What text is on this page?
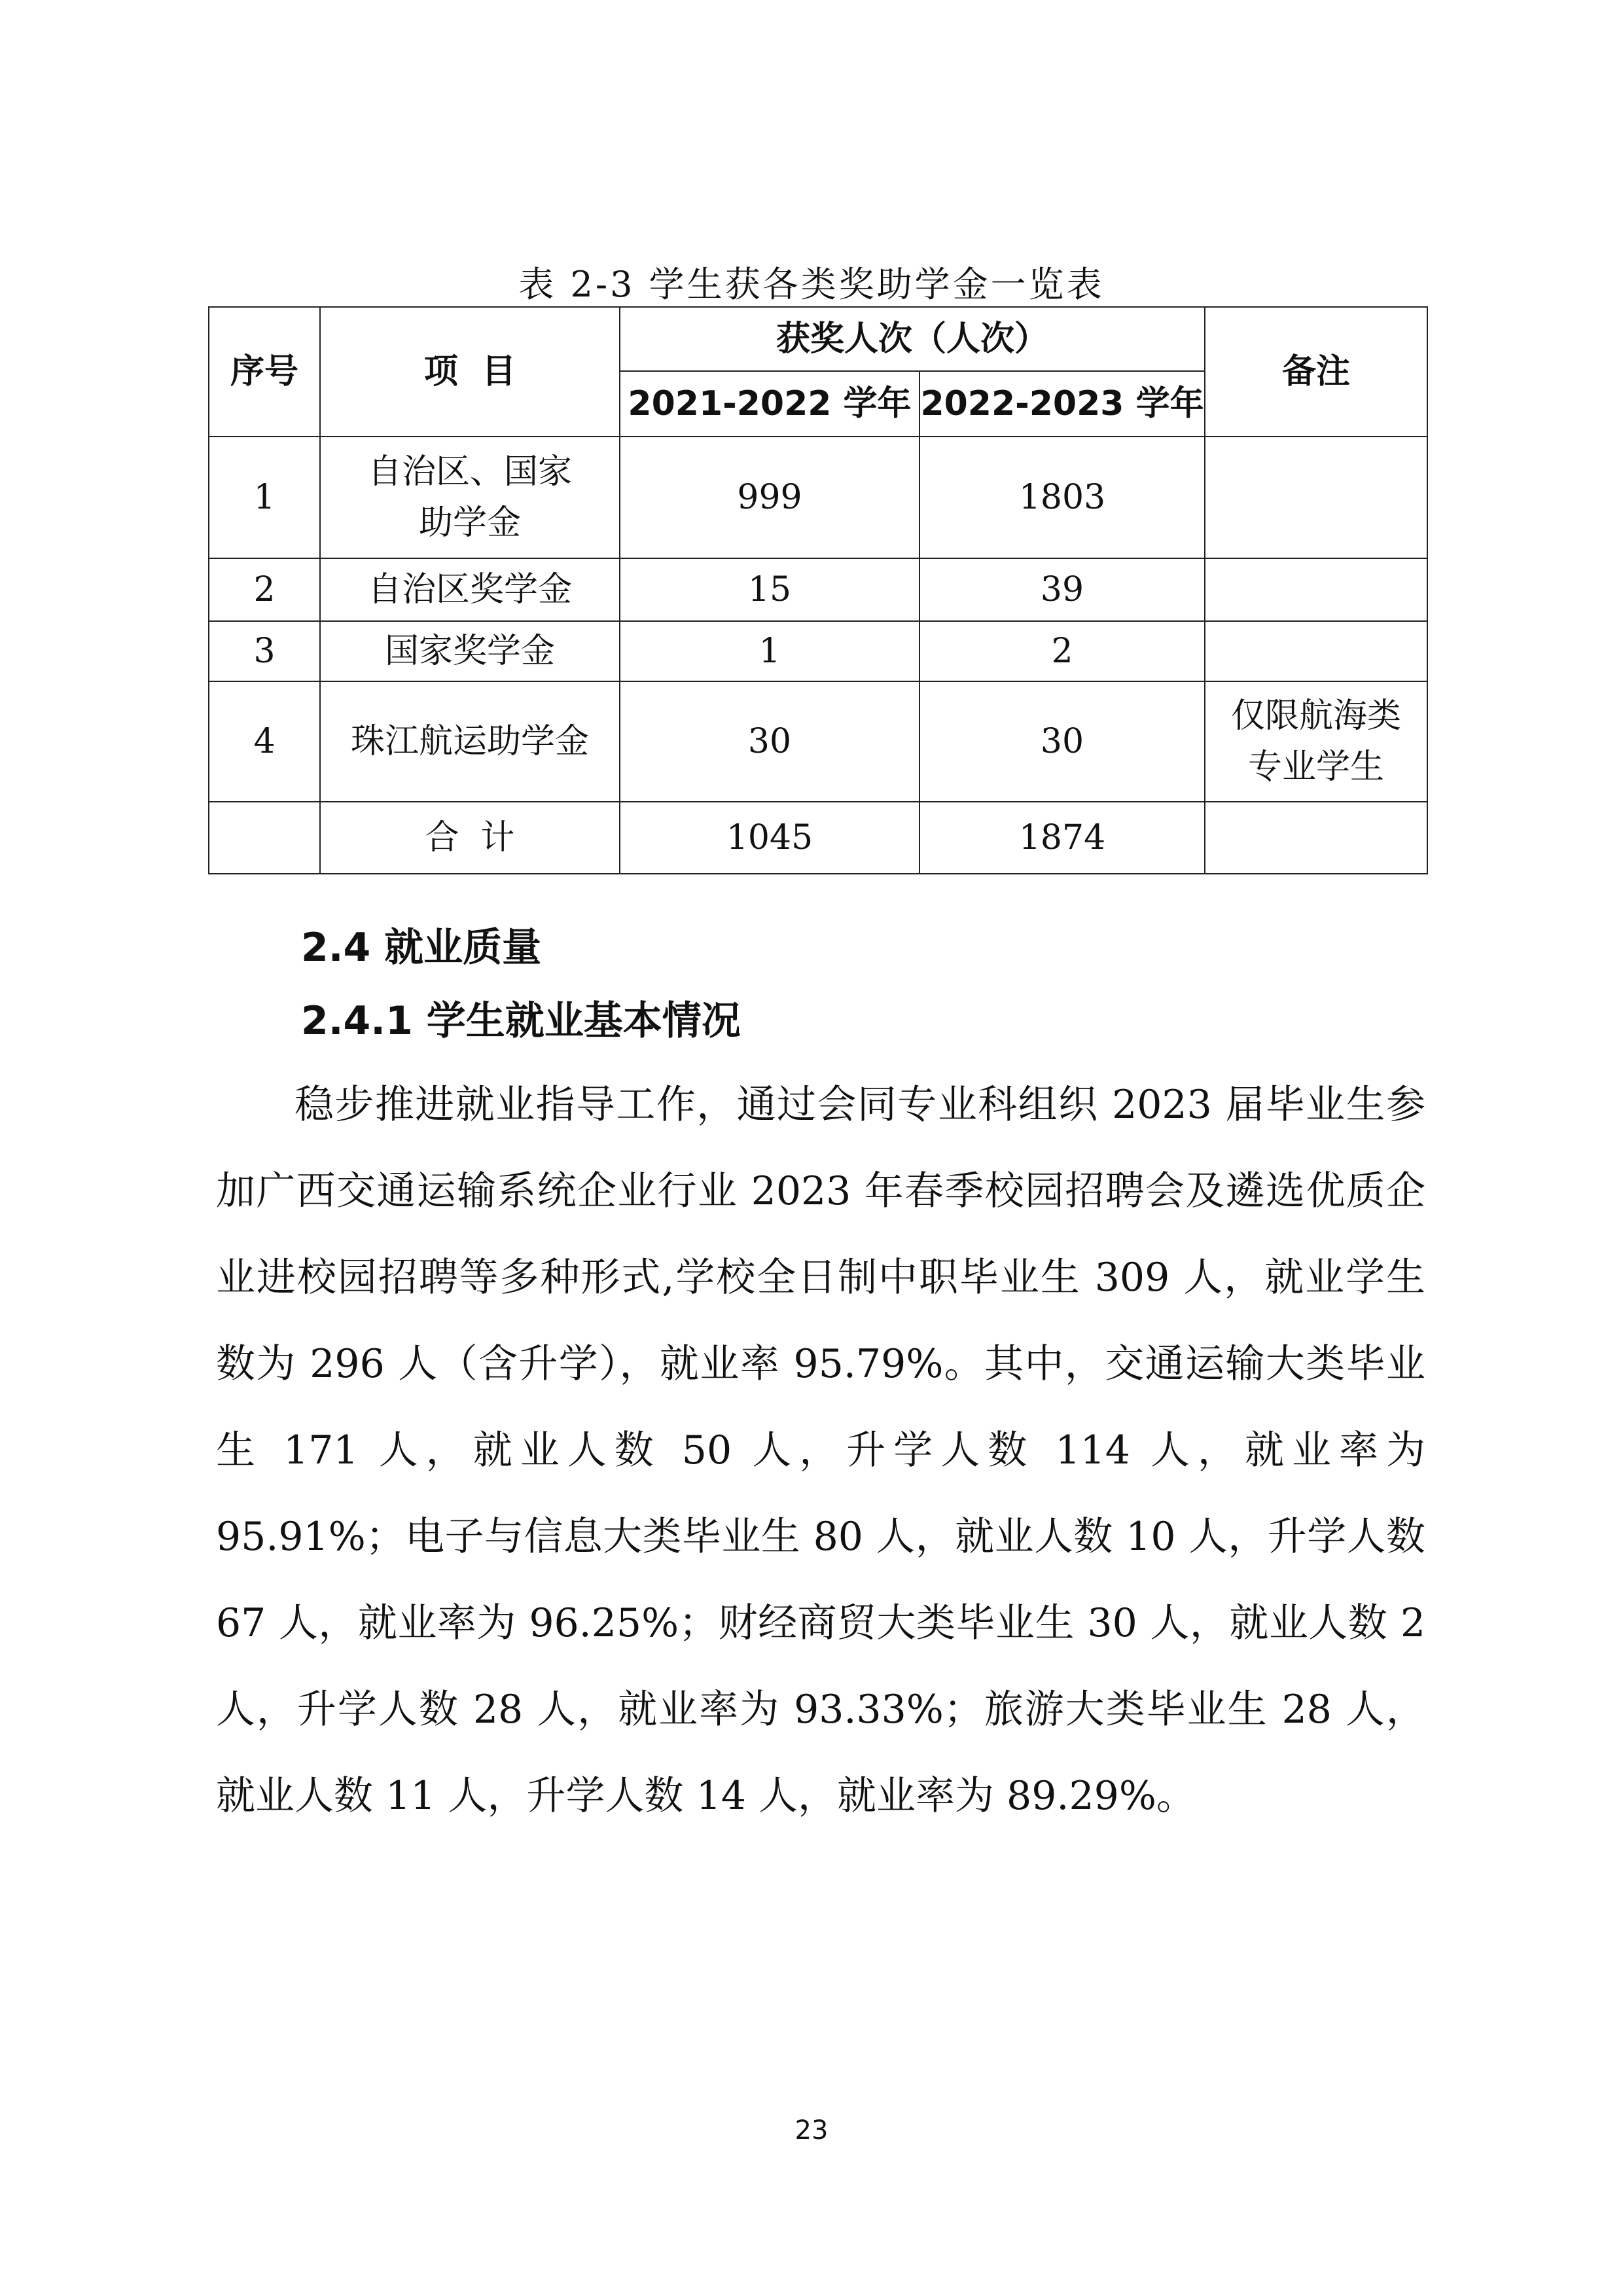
表 2-3 学生获各类奖助学金一览表
序号	项  目	获奖人次（人次）		备注
		2021-2022 学年	2022-2023 学年	
1	自治区、国家助学金	999	1803	
2	自治区奖学金	15	39	
3	国家奖学金	1	2	
4	珠江航运助学金	30	30	仅限航海类专业学生

	合  计	1045	1874	
2.4 就业质量
2.4.1 学生就业基本情况
稳步推进就业指导工作，通过会同专业科组织 2023 届毕业生参加广西交通运输系统企业行业 2023 年春季校园招聘会及遴选优质企业进校园招聘等多种形式,学校全日制中职毕业生 309 人，就业学生数为 296 人（含升学），就业率 95.79%。其中，交通运输大类毕业生 171 人，就业人数 50 人，升学人数 114 人，就业率为 95.91%；电子与信息大类毕业生 80 人，就业人数 10 人，升学人数 67 人，就业率为 96.25%；财经商贸大类毕业生 30 人，就业人数 2 人，升学人数 28 人，就业率为 93.33%；旅游大类毕业生 28 人，就业人数 11 人，升学人数 14 人，就业率为 89.29%。
23
